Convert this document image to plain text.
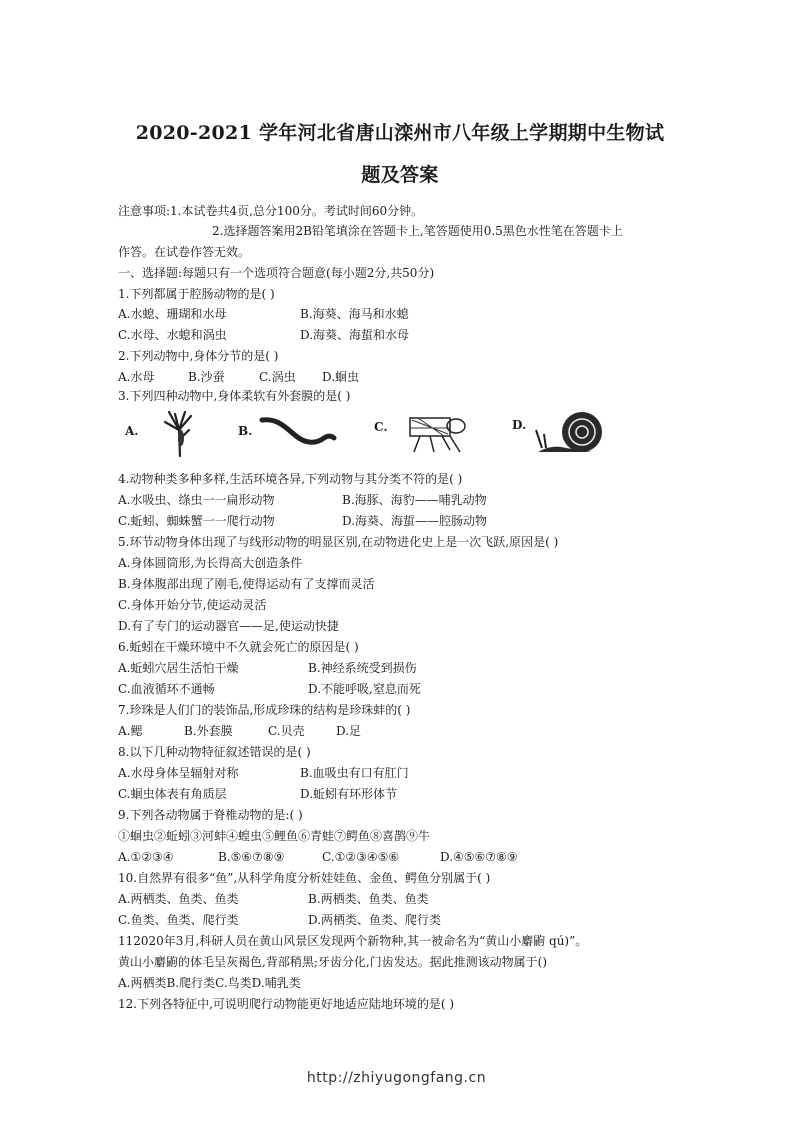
2020-2021 学年河北省唐山滦州市八年级上学期期中生物试
题及答案
注意事项:1.本试卷共4页,总分100分。考试时间60分钟。
2.选择题答案用2B铅笔填涂在答题卡上,笔答题使用0.5黑色水性笔在答题卡上
作答。在试卷作答无效。
一、选择题:每题只有一个选项符合题意(每小题2分,共50分)
1.下列都属于腔肠动物的是( )
A.水螅、珊瑚和水母	B.海葵、海马和水螅
C.水母、水螅和涡虫	D.海葵、海蜇和水母
2.下列动物中,身体分节的是( )
A.水母	B.沙蚕	C.涡虫 D.蛔虫
3.下列四种动物中,身体柔软有外套膜的是( )
A.	B.	C.	D.
4.动物种类多种多样,生活环境各异,下列动物与其分类不符的是( )
A.水吸虫、绦虫一一扁形动物	B.海豚、海豹——哺乳动物
C.蚯蚓、蜘蛛蟹一一爬行动物	D.海葵、海蜇——腔肠动物
5.环节动物身体出现了与线形动物的明显区别,在动物进化史上是一次飞跃,原因是( )
A.身体圆筒形,为长得高大创造条件
B.身体腹部出现了刚毛,使得运动有了支撑而灵活
C.身体开始分节,使运动灵活
D.有了专门的运动器官——足,使运动快捷
6.蚯蚓在干燥环境中不久就会死亡的原因是( )
A.蚯蚓穴居生活怕干燥	B.神经系统受到损伤
C.血液循环不通畅	D.不能呼吸,窒息而死
7.珍珠是人们门的装饰品,形成珍珠的结构是珍珠蚌的( )
A.鳃	B.外套膜	C.贝壳	D.足
8.以下几种动物特征叙述错误的是( )
A.水母身体呈辐射对称	B.血吸虫有口有肛门
C.蛔虫体表有角质层	D.蚯蚓有环形体节
9.下列各动物属于脊椎动物的是:( )
①蛔虫②蚯蚓③河蚌④蝗虫⑤鲤鱼⑥青蛙⑦鳄鱼⑧喜鹊⑨牛
A.①②③④	B.⑤⑥⑦⑧⑨	C.①②③④⑤⑥	D.④⑤⑥⑦⑧⑨
10.自然界有很多“鱼”,从科学角度分析娃娃鱼、金鱼、鳄鱼分别属于( )
A.两栖类、鱼类、鱼类	B.两栖类、鱼类、鱼类
C.鱼类、鱼类、爬行类	D.两栖类、鱼类、爬行类
112020年3月,科研人员在黄山风景区发现两个新物种,其一被命名为“黄山小麝鼩 qú)”。
黄山小麝鼩的体毛呈灰褐色,背部稍黑;牙齿分化,门齿发达。据此推测该动物属于()
A.两栖类B.爬行类C.鸟类D.哺乳类
12.下列各特征中,可说明爬行动物能更好地适应陆地环境的是( )
http://zhiyugongfang.cn
